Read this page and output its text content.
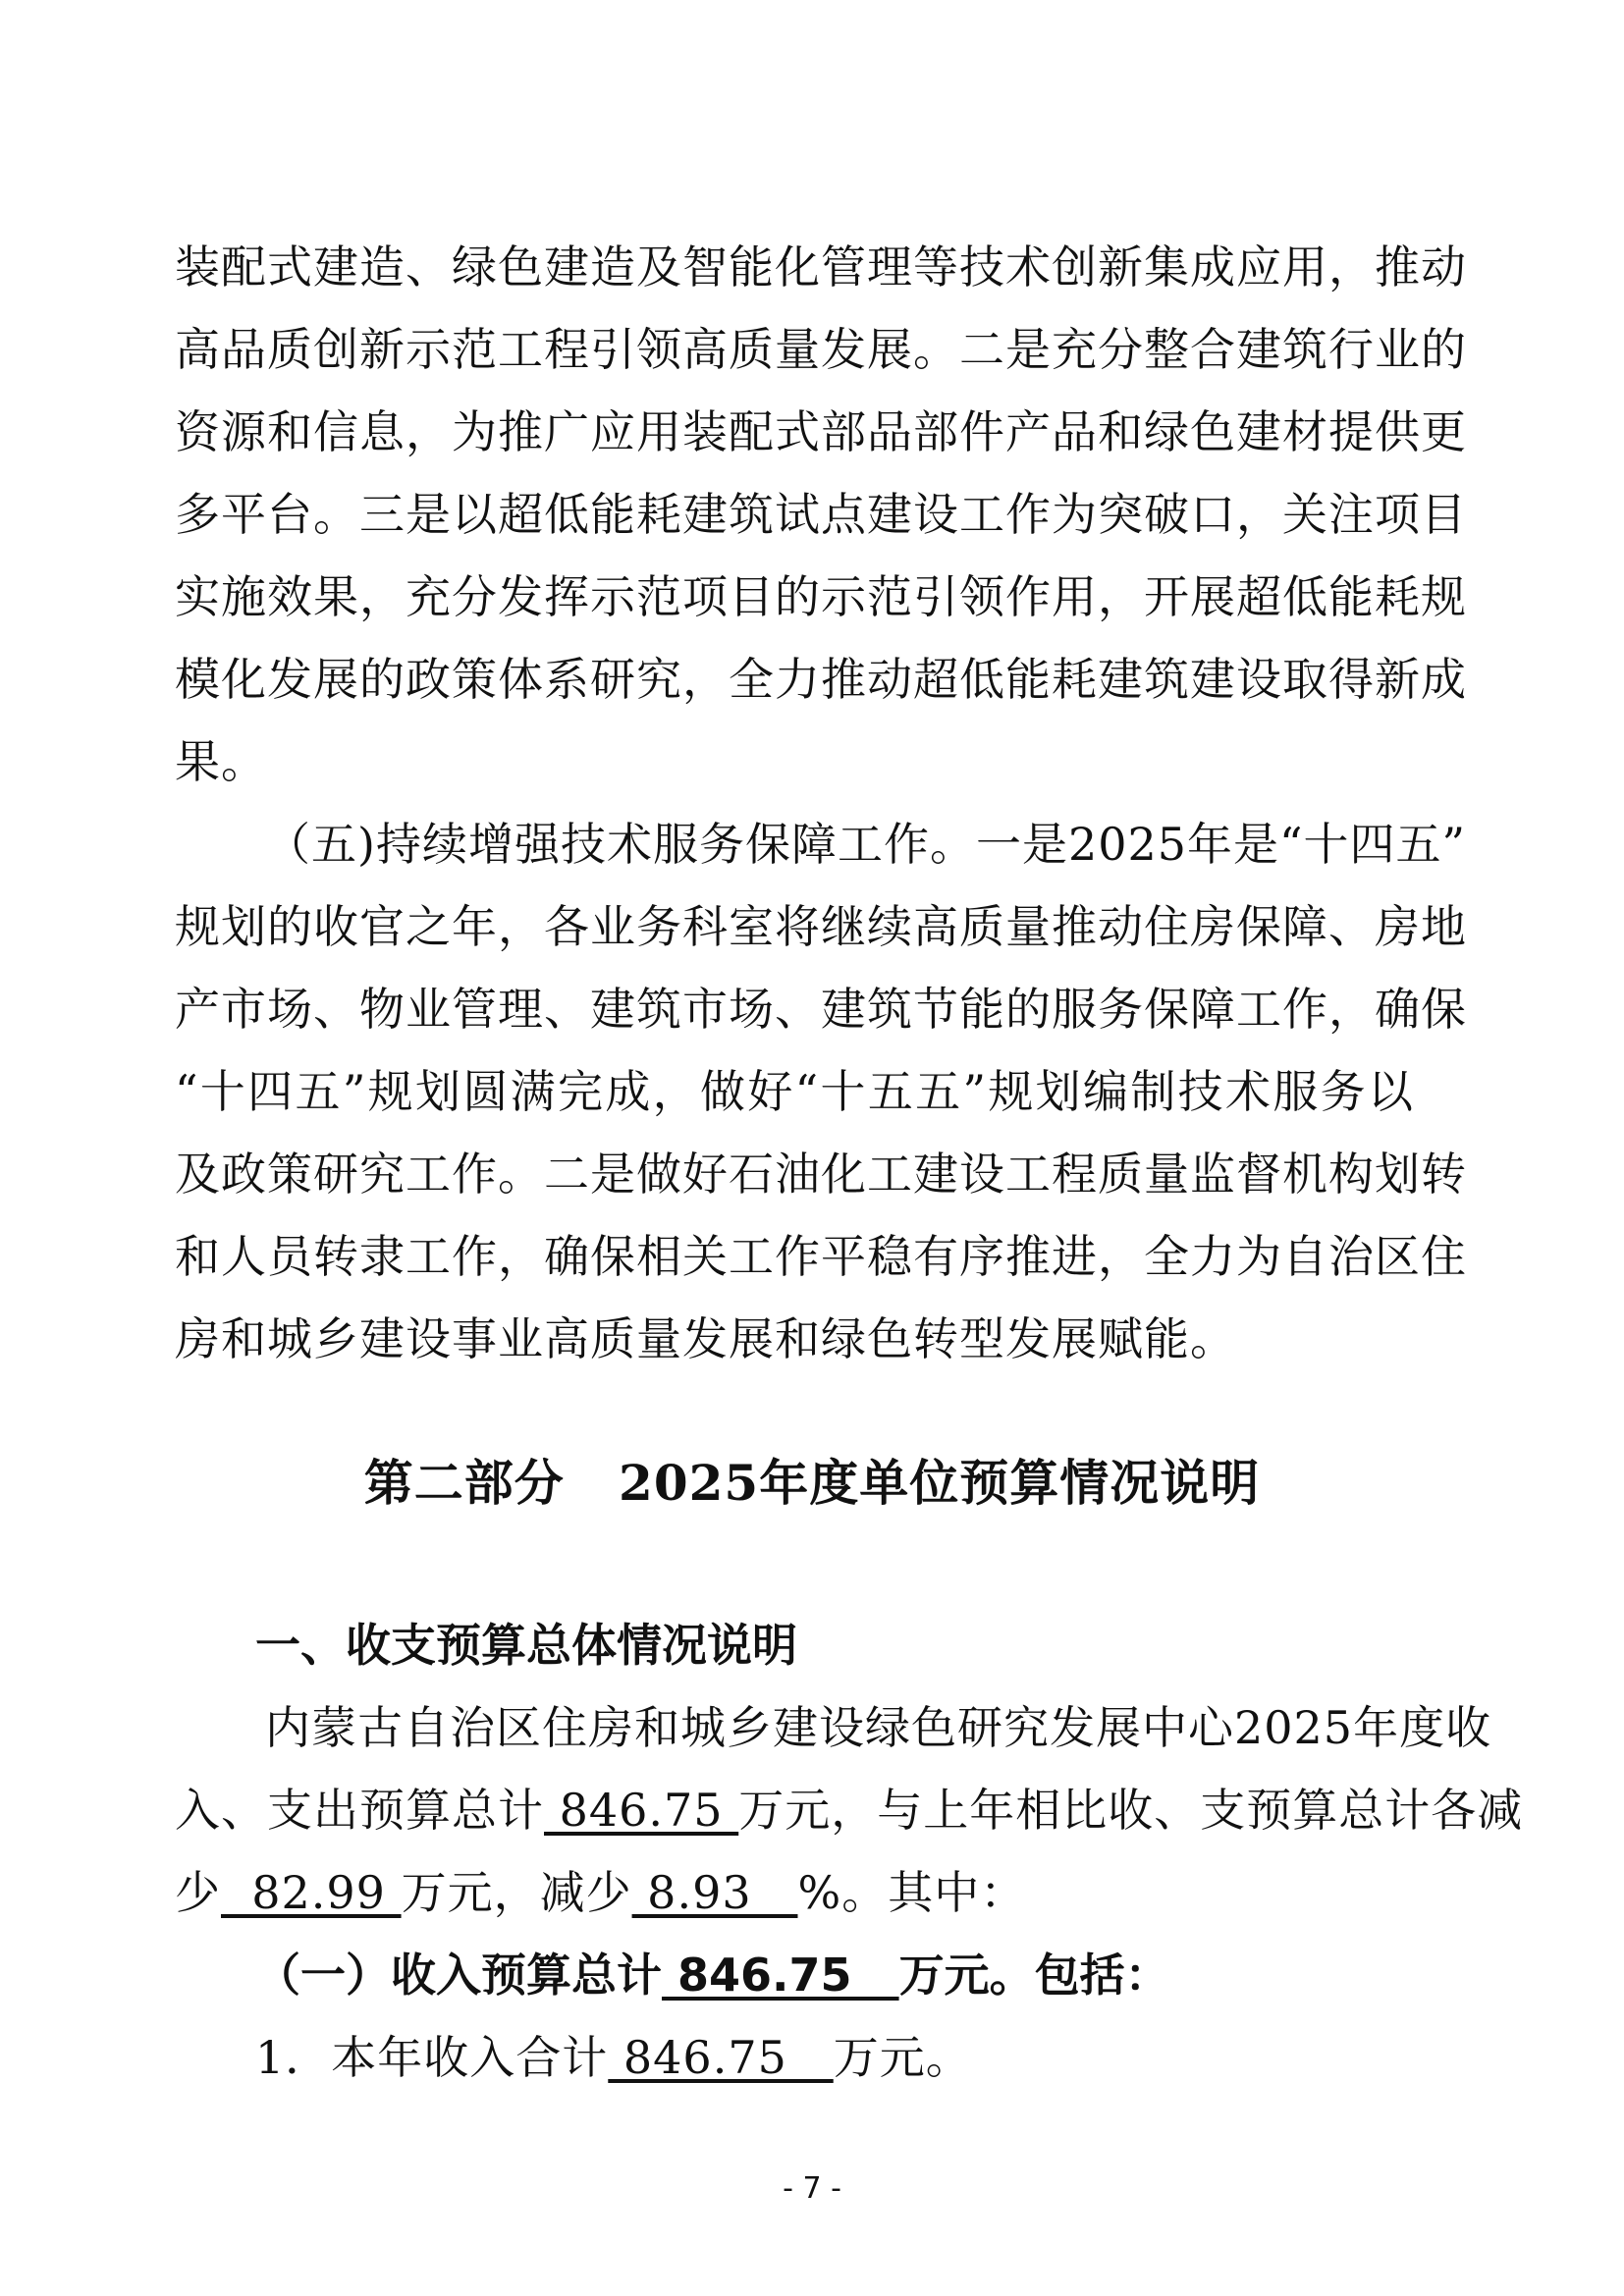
装配式建造、绿色建造及智能化管理等技术创新集成应用，推动
高品质创新示范工程引领高质量发展。二是充分整合建筑行业的
资源和信息，为推广应用装配式部品部件产品和绿色建材提供更
多平台。三是以超低能耗建筑试点建设工作为突破口，关注项目
实施效果，充分发挥示范项目的示范引领作用，开展超低能耗规
模化发展的政策体系研究，全力推动超低能耗建筑建设取得新成
果。
（五)持续增强技术服务保障工作。一是2025年是“十四五”
规划的收官之年，各业务科室将继续高质量推动住房保障、房地
产市场、物业管理、建筑市场、建筑节能的服务保障工作，确保
“十四五”规划圆满完成，做好“十五五”规划编制技术服务以
及政策研究工作。二是做好石油化工建设工程质量监督机构划转
和人员转隶工作，确保相关工作平稳有序推进，全力为自治区住
房和城乡建设事业高质量发展和绿色转型发展赋能。
第二部分 2025年度单位预算情况说明
一、收支预算总体情况说明
内蒙古自治区住房和城乡建设绿色研究发展中心2025年度收
入、支出预算总计 846.75 万元，与上年相比收、支预算总计各减
少  82.99 万元，减少 8.93   %。其中：
（一）收入预算总计 846.75   万元。包括：
1．本年收入合计 846.75   万元。
- 7 -
